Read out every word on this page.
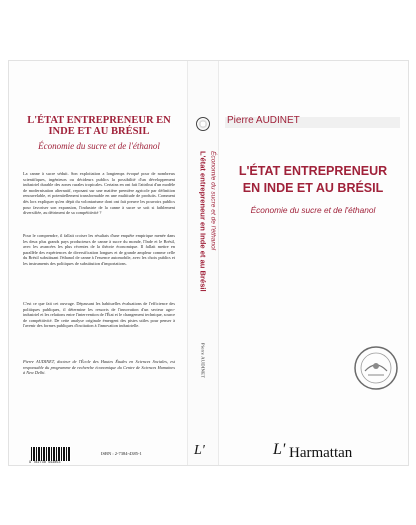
L'ÉTAT ENTREPRENEUR EN INDE ET AU BRÉSIL
Économie du sucre et de l'éthanol

La canne à sucre séduit. Son exploitation a longtemps évoqué pour de nombreux scientifiques, ingénieurs ou décideurs publics la possibilité d'un développement industriel durable des zones rurales tropicales. Certains en ont fait l'attribut d'un modèle de modernisation alternatif, reposant sur une matière première agricole par définition renouvelable, et potentiellement transformable en une multitude de produits. Comment dès lors expliquer qu'en dépit du volontarisme dont ont fait preuve les pouvoirs publics pour favoriser son expansion, l'industrie de la canne à sucre se soit si faiblement diversifiée, au détriment de sa compétitivité ?

Pour le comprendre, il fallait croiser les résultats d'une enquête empirique menée dans les deux plus grands pays producteurs de canne à sucre du monde, l'Inde et le Brésil, avec les avancées les plus récentes de la théorie économique. Il fallait mettre en parallèle des expériences de diversification longues et de grande ampleur comme celle du Brésil substituant l'éthanol de canne à l'essence automobile, avec les choix publics et les instruments des politiques de substitution d'importations.

C'est ce que fait cet ouvrage. Dépassant les habituelles évaluations de l'efficience des politiques publiques, il détermine les ressorts de l'innovation d'un secteur agro-industriel et les relations entre l'intervention de l'État et le changement technique, source de compétitivité. De cette analyse originale émergent des pistes utiles pour penser à l'avenir des formes publiques d'incitation à l'innovation industrielle.

Pierre AUDINET, docteur de l'École des Hautes Études en Sciences Sociales, est responsable du programme de recherche économique du Centre de Sciences Humaines à New Delhi.

9 782738 443853
ISBN : 2-7384-4385-1
L'état entrepreneur en Inde et au Brésil Économie du sucre et de l'éthanol
Pierre AUDINET
L'
Pierre AUDINET
L'ÉTAT ENTREPRENEUR
EN INDE ET AU BRÉSIL
Économie du sucre et de l'éthanol
L' Harmattan
